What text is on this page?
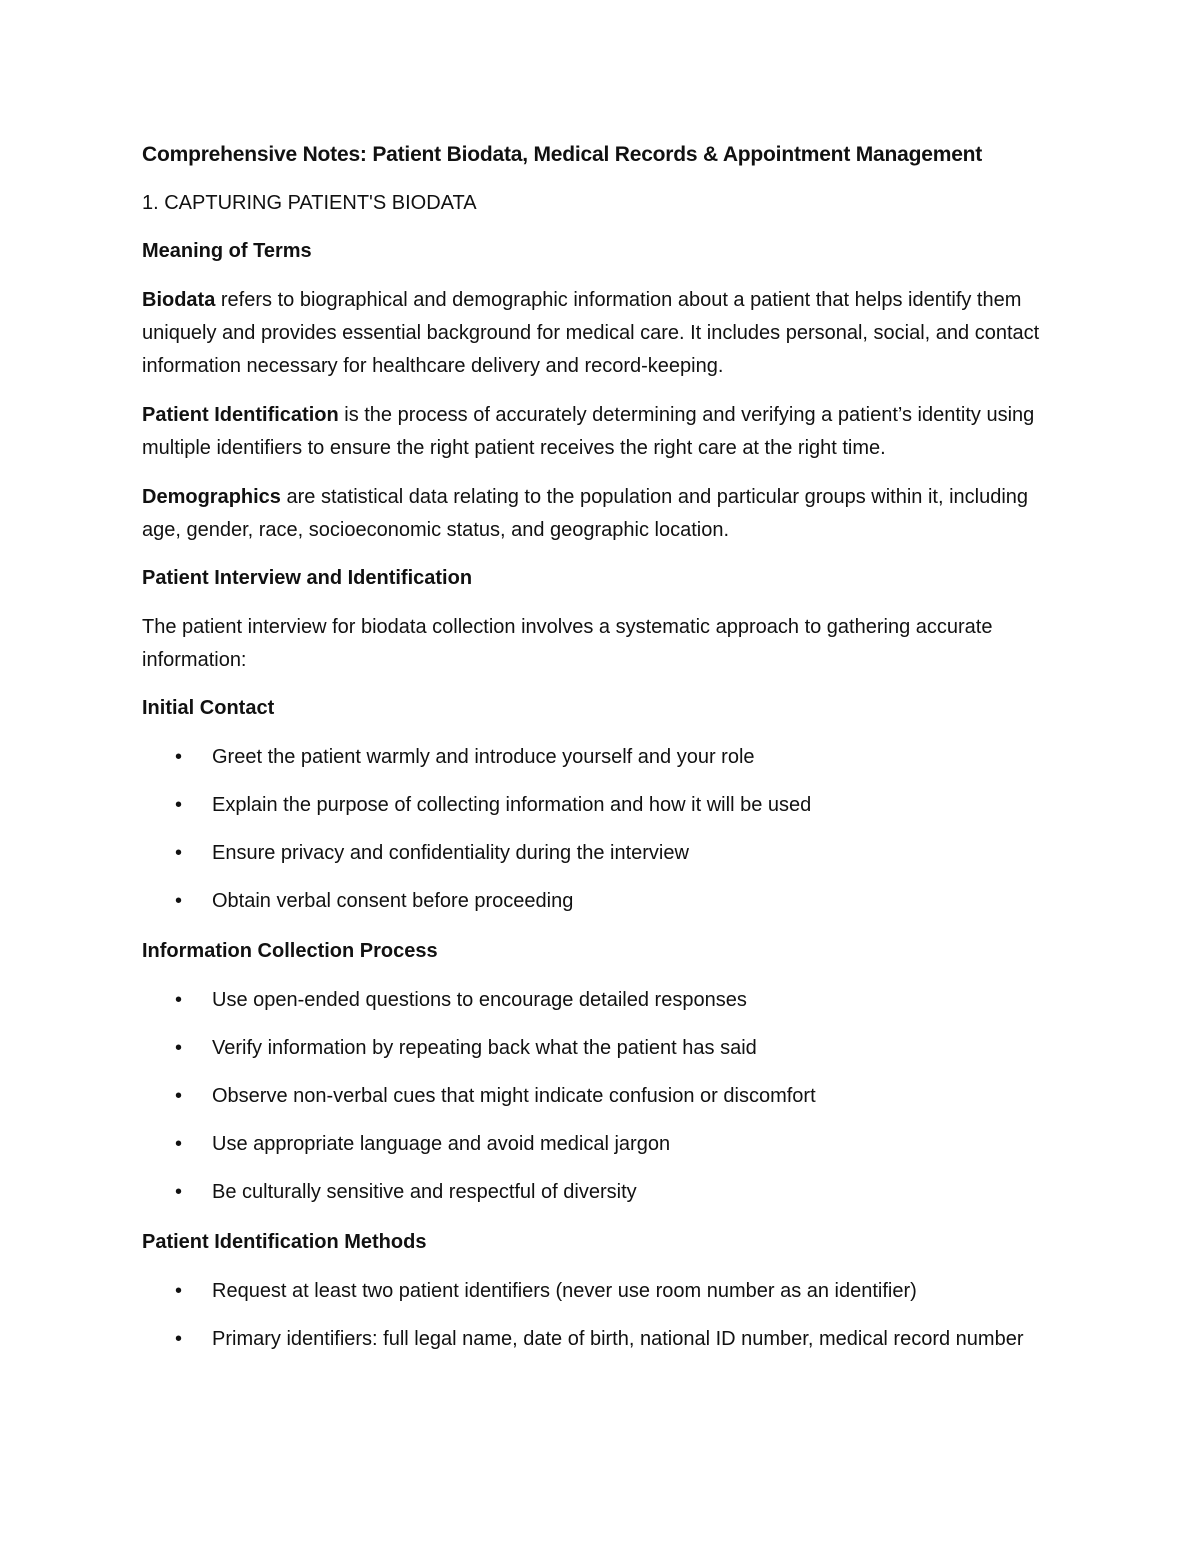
Comprehensive Notes: Patient Biodata, Medical Records & Appointment Management
1. CAPTURING PATIENT'S BIODATA
Meaning of Terms

Biodata refers to biographical and demographic information about a patient that helps identify them uniquely and provides essential background for medical care. It includes personal, social, and contact information necessary for healthcare delivery and record-keeping.

Patient Identification is the process of accurately determining and verifying a patient’s identity using multiple identifiers to ensure the right patient receives the right care at the right time.

Demographics are statistical data relating to the population and particular groups within it, including age, gender, race, socioeconomic status, and geographic location.

Patient Interview and Identification

The patient interview for biodata collection involves a systematic approach to gathering accurate information:

Initial Contact
• Greet the patient warmly and introduce yourself and your role
• Explain the purpose of collecting information and how it will be used
• Ensure privacy and confidentiality during the interview
• Obtain verbal consent before proceeding
Information Collection Process
• Use open-ended questions to encourage detailed responses
• Verify information by repeating back what the patient has said
• Observe non-verbal cues that might indicate confusion or discomfort
• Use appropriate language and avoid medical jargon
• Be culturally sensitive and respectful of diversity
Patient Identification Methods
• Request at least two patient identifiers (never use room number as an identifier)
• Primary identifiers: full legal name, date of birth, national ID number, medical record number
